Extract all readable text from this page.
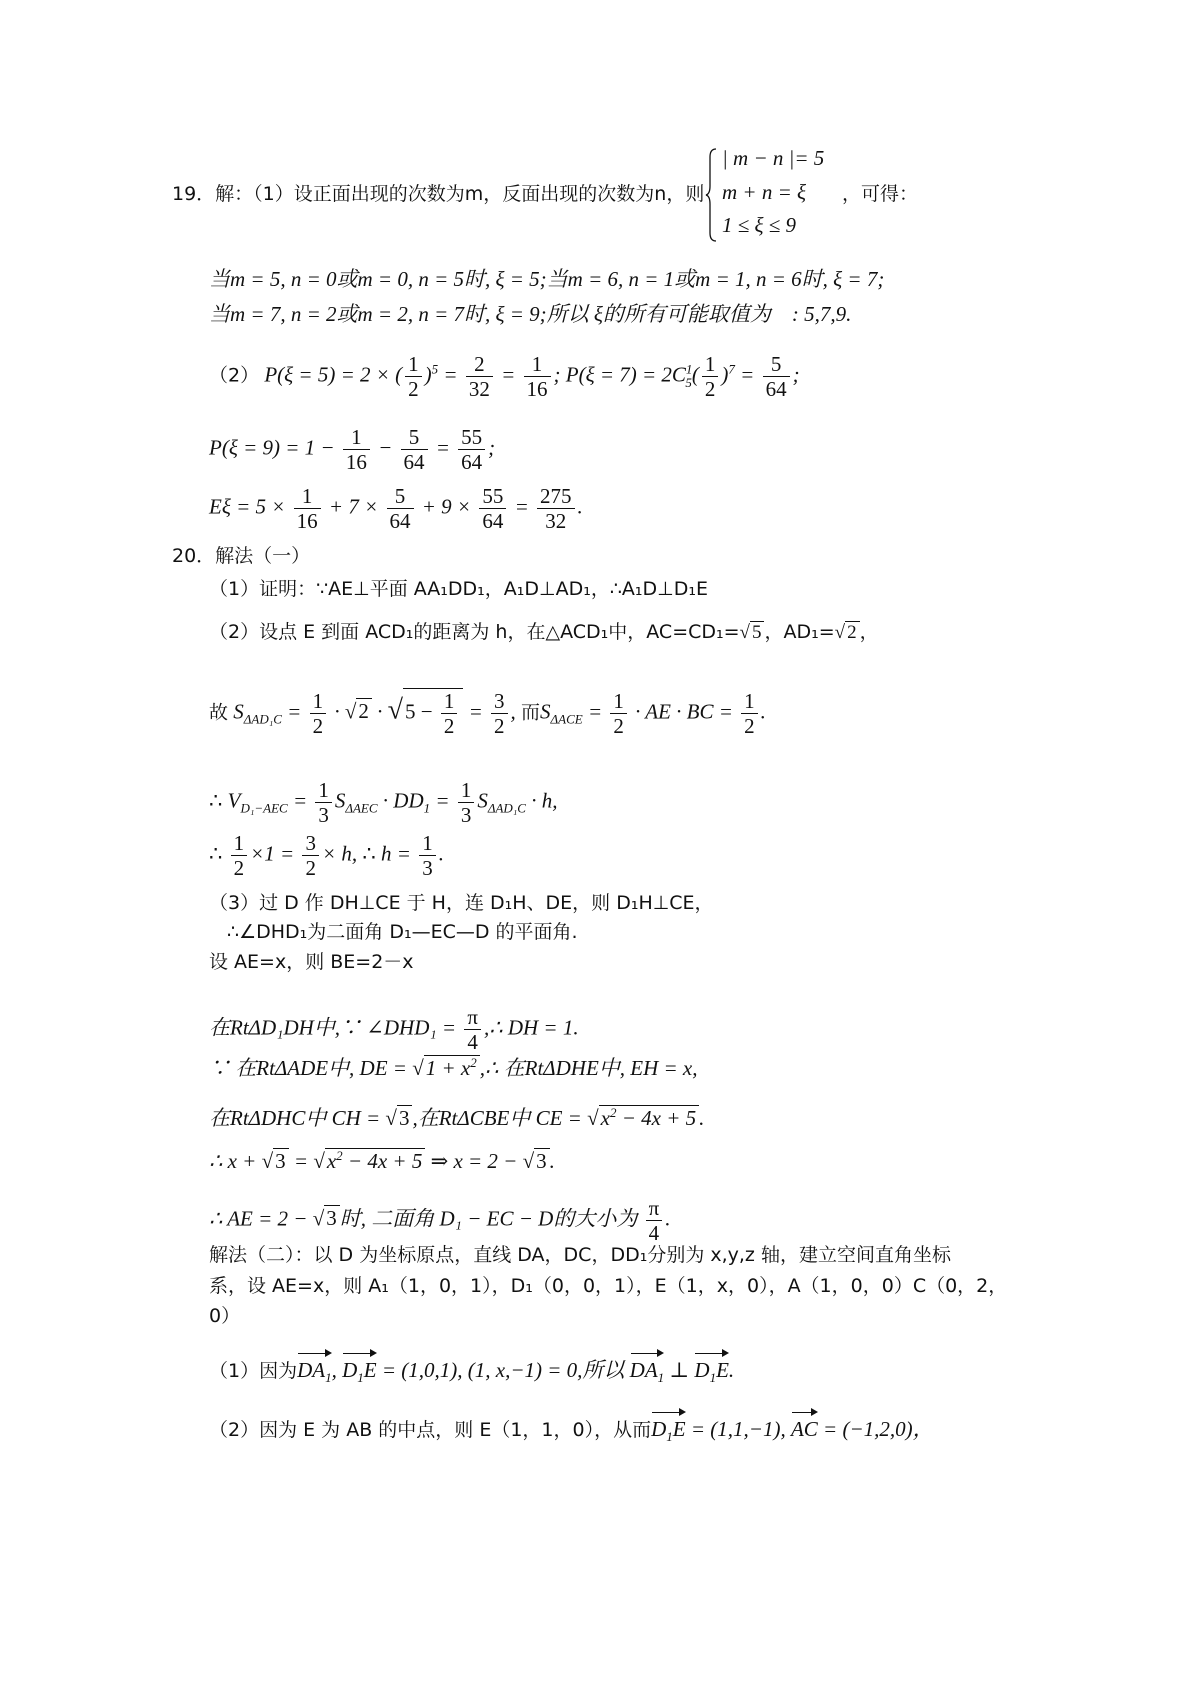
19．解：（1）设正面出现的次数为m，反面出现的次数为n，则
| m − n |= 5
m + n = ξ
1 ≤ ξ ≤ 9
，可得：
当m = 5, n = 0或m = 0, n = 5时, ξ = 5;当m = 6, n = 1或m = 1, n = 6时, ξ = 7;
当m = 7, n = 2或m = 2, n = 7时, ξ = 9;所以 ξ的所有可能取值为　: 5,7,9.
（2） P(ξ = 5) = 2 × ( $\frac{1}{2} )^5 = \frac{2}{32} = \frac{1}{16}$ ; $P(\xi = 7) = 2C^1_5( \frac{1}{2} )^7 = \frac{5}{64}$ ;
$P(\xi = 9) = 1 - \frac{1}{16} - \frac{5}{64} = \frac{55}{64}$ ;
$E\xi = 5 \times \frac{1}{16} + 7 \times \frac{5}{64} + 9 \times \frac{55}{64} = \frac{275}{32}$ .
20．解法（一）
（1）证明：∵AE⊥平面 AA₁DD₁，A₁D⊥AD₁，∴A₁D⊥D₁E
（2）设点 E 到面 ACD₁的距离为 h，在△ACD₁中，AC=CD₁=√ 5 ，AD₁=√ 2 ，
故 $S_{\Delta AD_1C} = \frac{1}{2} \cdot √2 \cdot √5 - \frac{1}{2} = \frac{3}{2}$ , 而$S_{\Delta ACE} = \frac{1}{2}$ · AE · BC = $\frac{1}{2}$ .
∴ $V_{D_1-AEC} = \frac{1}{3} S_{\Delta AEC} \cdot DD_1 = \frac{1}{3} S_{\Delta AD_1C} \cdot h$,
∴ $\frac{1}{2} \times 1 = \frac{3}{2} \times h$, ∴ $h = \frac{1}{3}$ .
（3）过 D 作 DH⊥CE 于 H，连 D₁H、DE，则 D₁H⊥CE，
∴∠DHD₁为二面角 D₁—EC—D 的平面角.
设 AE=x，则 BE=2－x
在RtΔD₁DH中,∵ ∠DHD₁ = $\frac{\pi}{4}$ ,∴ DH = 1.
∵ 在RtΔADE中, DE = $√1 + x^2$ ,∴ 在RtΔDHE中, EH = x,
在RtΔDHC中 CH = √3 ,在RtΔCBE中 CE = $√x^2 - 4x + 5$ .
∴ $x + √3 = √x^2 - 4x + 5$ ⇒ x = 2 − √3 .
∴ AE = 2 − √3 时, 二面角 D₁ − EC − D的大小为 $\frac{\pi}{4}$ .
解法（二）：以 D 为坐标原点，直线 DA，DC，DD₁分别为 x,y,z 轴，建立空间直角坐标
系，设 AE=x，则 A₁（1，0，1），D₁（0，0，1），E（1，x，0），A（1，0，0）C（0，2，
0）
（1）因为$DA_1$, $D_1E = (1,0,1)$, (1, x,−1) = 0,所以 $DA_1$ ⊥ $D_1E$.
（2）因为 E 为 AB 的中点，则 E（1，1，0），从而$D_1E = (1,1,-1)$, AC = (−1,2,0)，
